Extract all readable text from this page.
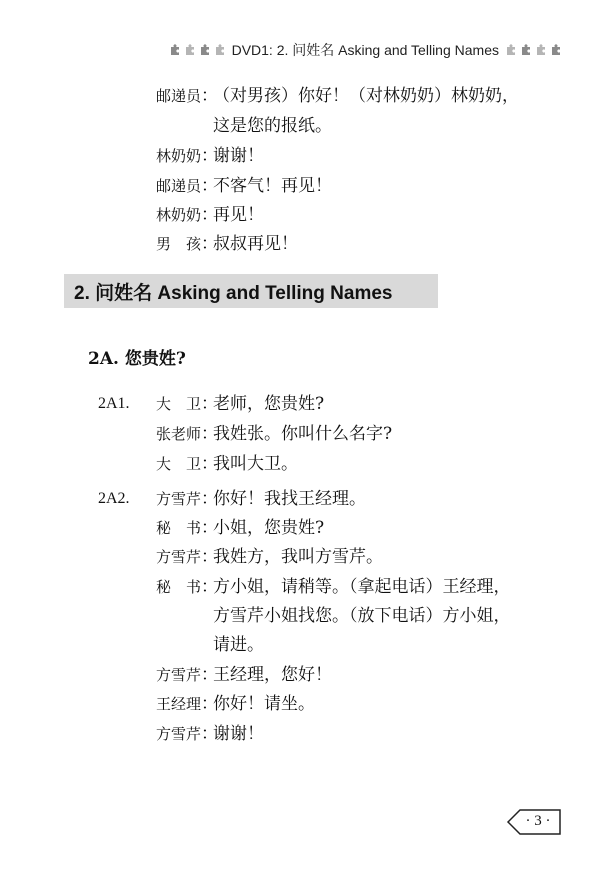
DVD1: 2. 问姓名 Asking and Telling Names
邮递员：（对男孩）你好！（对林奶奶）林奶奶，
这是您的报纸。
林奶奶：谢谢！
邮递员：不客气！再见！
林奶奶：再见！
男　孩：叔叔再见！
2. 问姓名 Asking and Telling Names
2A. 您贵姓?
2A1.	大　卫：老师，您贵姓?
张老师：我姓张。你叫什么名字?
大　卫：我叫大卫。
2A2.	方雪芹：你好！我找王经理。
秘　书：小姐，您贵姓?
方雪芹：我姓方，我叫方雪芹。
秘　书：方小姐，请稍等。（拿起电话）王经理，
方雪芹小姐找您。（放下电话）方小姐，
请进。
方雪芹：王经理，您好！
王经理：你好！请坐。
方雪芹：谢谢！
· 3 ·
